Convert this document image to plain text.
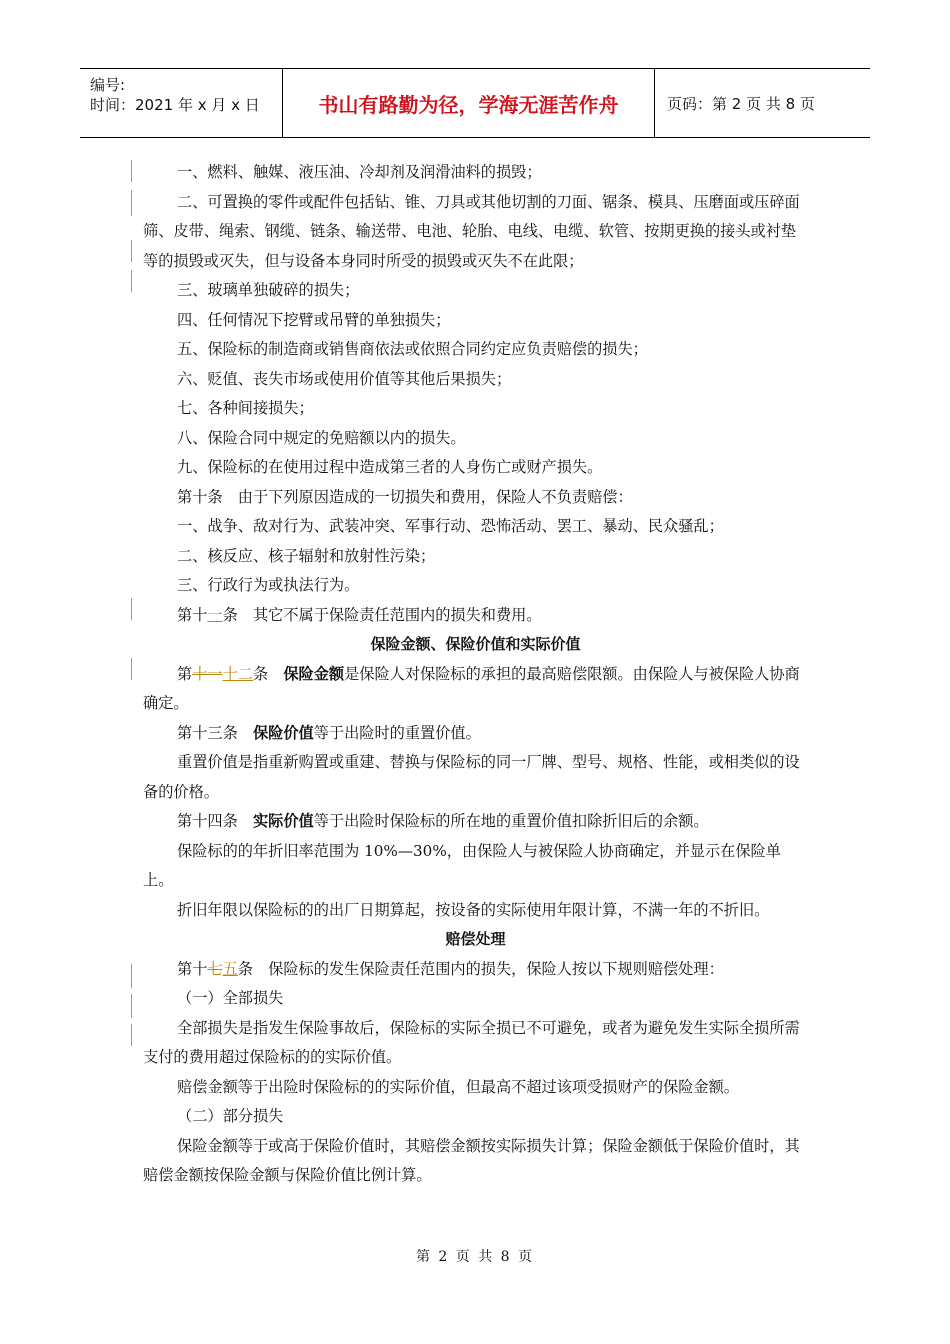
编号:
时间：2021 年 x 月 x 日	书山有路勤为径，学海无涯苦作舟	页码：第 2 页 共 8 页

一、燃料、触媒、液压油、冷却剂及润滑油料的损毁；

二、可置换的零件或配件包括钻、锥、刀具或其他切割的刀面、锯条、模具、压磨面或压碎面筛、皮带、绳索、钢缆、链条、输送带、电池、轮胎、电线、电缆、软管、按期更换的接头或衬垫等的损毁或灭失，但与设备本身同时所受的损毁或灭失不在此限；

三、玻璃单独破碎的损失；

四、任何情况下挖臂或吊臂的单独损失；

五、保险标的制造商或销售商依法或依照合同约定应负责赔偿的损失；

六、贬值、丧失市场或使用价值等其他后果损失；

七、各种间接损失；

八、保险合同中规定的免赔额以内的损失。

九、保险标的在使用过程中造成第三者的人身伤亡或财产损失。

第十条　由于下列原因造成的一切损失和费用，保险人不负责赔偿：

一、战争、敌对行为、武装冲突、军事行动、恐怖活动、罢工、暴动、民众骚乱；

二、核反应、核子辐射和放射性污染；

三、行政行为或执法行为。

第十一条　其它不属于保险责任范围内的损失和费用。

保险金额、保险价值和实际价值

第十一十二条　保险金额是保险人对保险标的承担的最高赔偿限额。由保险人与被保险人协商确定。

第十三条　保险价值等于出险时的重置价值。

重置价值是指重新购置或重建、替换与保险标的同一厂牌、型号、规格、性能，或相类似的设备的价格。

第十四条　实际价值等于出险时保险标的所在地的重置价值扣除折旧后的余额。

保险标的的年折旧率范围为 10%—30%，由保险人与被保险人协商确定，并显示在保险单上。

折旧年限以保险标的的出厂日期算起，按设备的实际使用年限计算，不满一年的不折旧。

赔偿处理

第十七五条　保险标的发生保险责任范围内的损失，保险人按以下规则赔偿处理：

（一）全部损失

全部损失是指发生保险事故后，保险标的实际全损已不可避免，或者为避免发生实际全损所需支付的费用超过保险标的的实际价值。

赔偿金额等于出险时保险标的的实际价值，但最高不超过该项受损财产的保险金额。

（二）部分损失

保险金额等于或高于保险价值时，其赔偿金额按实际损失计算；保险金额低于保险价值时，其赔偿金额按保险金额与保险价值比例计算。

第 2 页 共 8 页
